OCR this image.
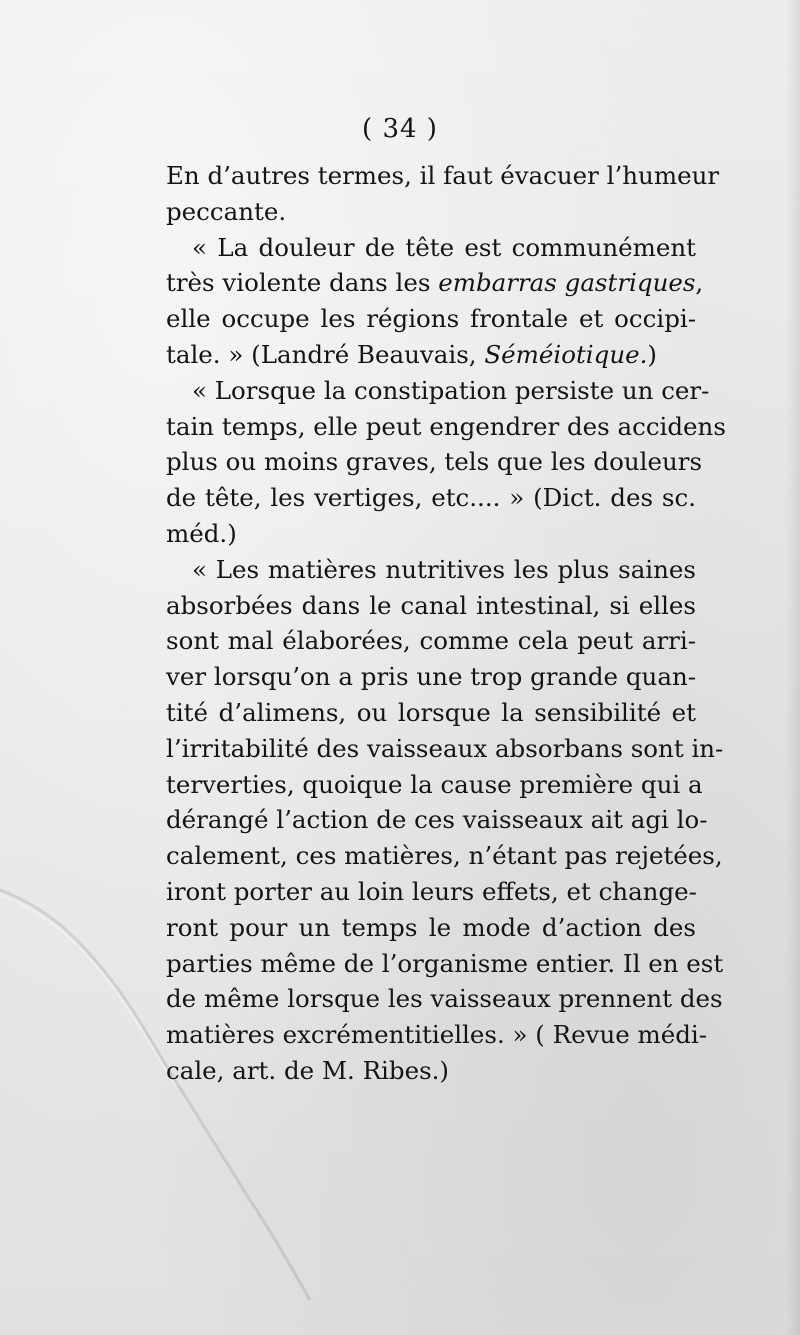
( 34 )
En d’autres termes, il faut évacuer l’humeur
peccante.
« La douleur de tête est communément
très violente dans les embarras gastriques,
elle occupe les régions frontale et occipi-
tale. » (Landré Beauvais, Séméiotique.)
« Lorsque la constipation persiste un cer-
tain temps, elle peut engendrer des accidens
plus ou moins graves, tels que les douleurs
de tête, les vertiges, etc.... » (Dict. des sc.
méd.)
« Les matières nutritives les plus saines
absorbées dans le canal intestinal, si elles
sont mal élaborées, comme cela peut arri-
ver lorsqu’on a pris une trop grande quan-
tité d’alimens, ou lorsque la sensibilité et
l’irritabilité des vaisseaux absorbans sont in-
terverties, quoique la cause première qui a
dérangé l’action de ces vaisseaux ait agi lo-
calement, ces matières, n’étant pas rejetées,
iront porter au loin leurs effets, et change-
ront pour un temps le mode d’action des
parties même de l’organisme entier. Il en est
de même lorsque les vaisseaux prennent des
matières excrémentitielles. » ( Revue médi-
cale, art. de M. Ribes.)
